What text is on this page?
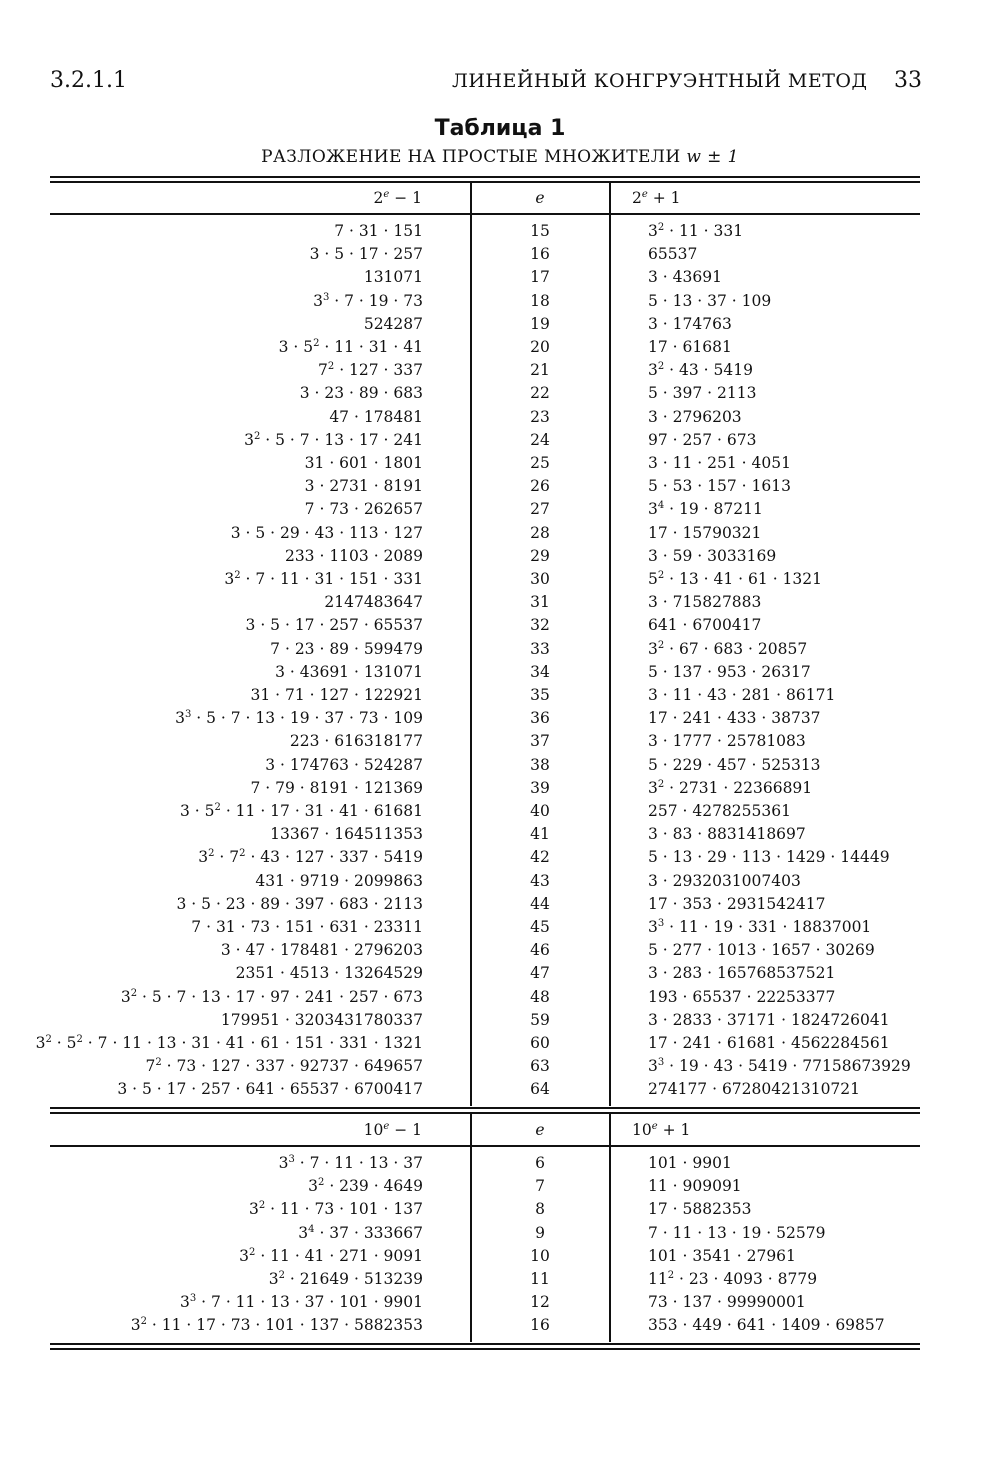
3.2.1.1	ЛИНЕЙНЫЙ КОНГРУЭНТНЫЙ МЕТОД 33
Таблица 1
РАЗЛОЖЕНИЕ НА ПРОСТЫЕ МНОЖИТЕЛИ w ± 1
$2^e - 1$	e	$2^e + 1$
7 · 31 · 151	15	$3^2 \cdot 11 \cdot 331$
3 · 5 · 17 · 257	16	65537
131071	17	3 · 43691
$3^3 \cdot 7 \cdot 19 \cdot 73$	18	5 · 13 · 37 · 109
524287	19	3 · 174763
$3 \cdot 5^2 \cdot 11 \cdot 31 \cdot 41$	20	17 · 61681
$7^2 \cdot 127 \cdot 337$	21	$3^2 \cdot 43 \cdot 5419$
3 · 23 · 89 · 683	22	5 · 397 · 2113
47 · 178481	23	3 · 2796203
$3^2 \cdot 5 \cdot 7 \cdot 13 \cdot 17 \cdot 241$	24	97 · 257 · 673
31 · 601 · 1801	25	3 · 11 · 251 · 4051
3 · 2731 · 8191	26	5 · 53 · 157 · 1613
7 · 73 · 262657	27	$3^4 \cdot 19 \cdot 87211$
3 · 5 · 29 · 43 · 113 · 127	28	17 · 15790321
233 · 1103 · 2089	29	3 · 59 · 3033169
$3^2 \cdot 7 \cdot 11 \cdot 31 \cdot 151 \cdot 331$	30	$5^2 \cdot 13 \cdot 41 \cdot 61 \cdot 1321$
2147483647	31	3 · 715827883
3 · 5 · 17 · 257 · 65537	32	641 · 6700417
7 · 23 · 89 · 599479	33	$3^2 \cdot 67 \cdot 683 \cdot 20857$
3 · 43691 · 131071	34	5 · 137 · 953 · 26317
31 · 71 · 127 · 122921	35	3 · 11 · 43 · 281 · 86171
$3^3 \cdot 5 \cdot 7 \cdot 13 \cdot 19 \cdot 37 \cdot 73 \cdot 109$	36	17 · 241 · 433 · 38737
223 · 616318177	37	3 · 1777 · 25781083
3 · 174763 · 524287	38	5 · 229 · 457 · 525313
7 · 79 · 8191 · 121369	39	$3^2 \cdot 2731 \cdot 22366891$
$3 \cdot 5^2 \cdot 11 \cdot 17 \cdot 31 \cdot 41 \cdot 61681$	40	257 · 4278255361
13367 · 164511353	41	3 · 83 · 8831418697
$3^2 \cdot 7^2 \cdot 43 \cdot 127 \cdot 337 \cdot 5419$	42	5 · 13 · 29 · 113 · 1429 · 14449
431 · 9719 · 2099863	43	3 · 2932031007403
3 · 5 · 23 · 89 · 397 · 683 · 2113	44	17 · 353 · 2931542417
7 · 31 · 73 · 151 · 631 · 23311	45	$3^3 \cdot 11 \cdot 19 \cdot 331 \cdot 18837001$
3 · 47 · 178481 · 2796203	46	5 · 277 · 1013 · 1657 · 30269
2351 · 4513 · 13264529	47	3 · 283 · 165768537521
$3^2 \cdot 5 \cdot 7 \cdot 13 \cdot 17 \cdot 97 \cdot 241 \cdot 257 \cdot 673$	48	193 · 65537 · 22253377
179951 · 3203431780337	59	3 · 2833 · 37171 · 1824726041
$3^2 \cdot 5^2 \cdot 7 \cdot 11 \cdot 13 \cdot 31 \cdot 41 \cdot 61 \cdot 151 \cdot 331 \cdot 1321$	60	17 · 241 · 61681 · 4562284561
$7^2 \cdot 73 \cdot 127 \cdot 337 \cdot 92737 \cdot 649657$	63	$3^3 \cdot 19 \cdot 43 \cdot 5419 \cdot 77158673929$
3 · 5 · 17 · 257 · 641 · 65537 · 6700417	64	274177 · 67280421310721
$10^e - 1$	e	$10^e + 1$
$3^3 \cdot 7 \cdot 11 \cdot 13 \cdot 37$	6	101 · 9901
$3^2 \cdot 239 \cdot 4649$	7	11 · 909091
$3^2 \cdot 11 \cdot 73 \cdot 101 \cdot 137$	8	17 · 5882353
$3^4 \cdot 37 \cdot 333667$	9	7 · 11 · 13 · 19 · 52579
$3^2 \cdot 11 \cdot 41 \cdot 271 \cdot 9091$	10	101 · 3541 · 27961
$3^2 \cdot 21649 \cdot 513239$	11	$11^2 \cdot 23 \cdot 4093 \cdot 8779$
$3^3 \cdot 7 \cdot 11 \cdot 13 \cdot 37 \cdot 101 \cdot 9901$	12	73 · 137 · 99990001
$3^2 \cdot 11 \cdot 17 \cdot 73 \cdot 101 \cdot 137 \cdot 5882353$	16	353 · 449 · 641 · 1409 · 69857
